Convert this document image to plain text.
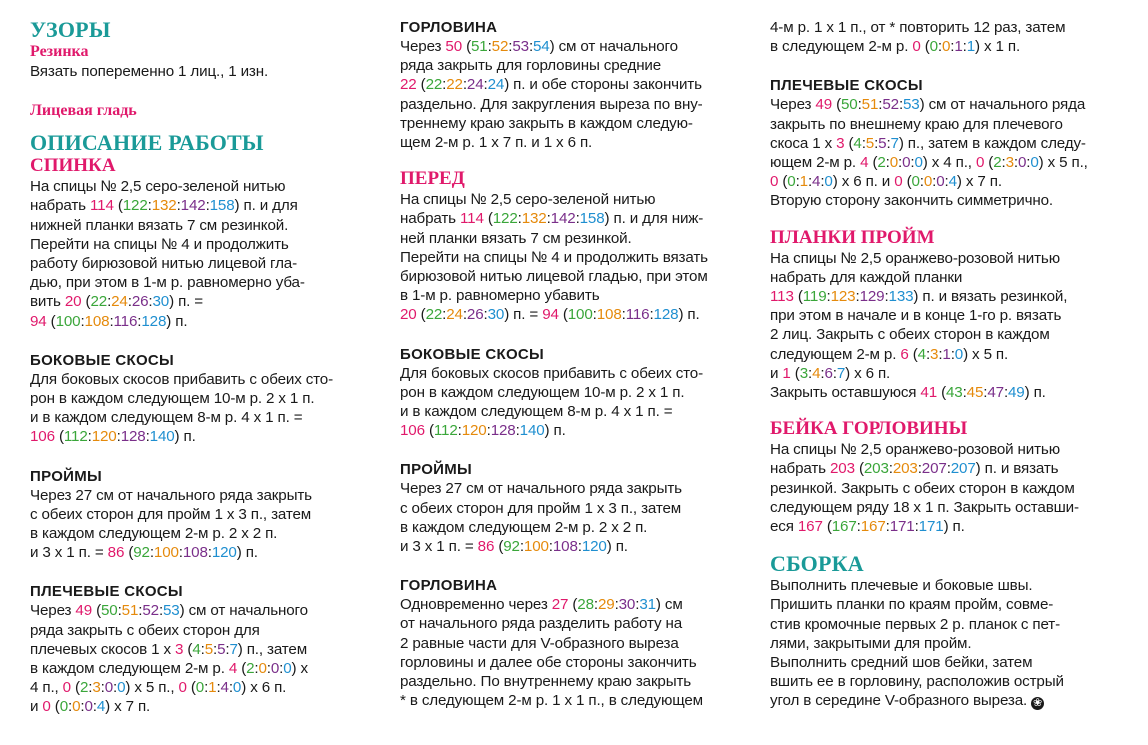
УЗОРЫ
Резинка

Вязать попеременно 1 лиц., 1 изн.

Лицевая гладь
ОПИСАНИЕ РАБОТЫ
СПИНКА

На спицы № 2,5 серо-зеленой нитью

набрать 114 (122:132:142:158) п. и для

нижней планки вязать 7 см резинкой.

Перейти на спицы № 4 и продолжить

работу бирюзовой нитью лицевой гла-

дью, при этом в 1-м р. равномерно уба-

вить 20 (22:24:26:30) п. =

94 (100:108:116:128) п.

БОКОВЫЕ СКОСЫ

Для боковых скосов прибавить с обеих сто-

рон в каждом следующем 10-м р. 2 х 1 п.

и в каждом следующем 8-м р. 4 х 1 п. =

106 (112:120:128:140) п.

ПРОЙМЫ

Через 27 см от начального ряда закрыть

с обеих сторон для пройм 1 х 3 п., затем

в каждом следующем 2-м р. 2 х 2 п.

и 3 х 1 п. = 86 (92:100:108:120) п.

ПЛЕЧЕВЫЕ СКОСЫ

Через 49 (50:51:52:53) см от начального

ряда закрыть с обеих сторон для

плечевых скосов 1 х 3 (4:5:5:7) п., затем

в каждом следующем 2-м р. 4 (2:0:0:0) х

4 п., 0 (2:3:0:0) х 5 п., 0 (0:1:4:0) х 6 п.

и 0 (0:0:0:4) х 7 п.

ГОРЛОВИНА

Через 50 (51:52:53:54) см от начального

ряда закрыть для горловины средние

22 (22:22:24:24) п. и обе стороны закончить

раздельно. Для закругления выреза по вну-

треннему краю закрыть в каждом следую-

щем 2-м р. 1 х 7 п. и 1 х 6 п.

ПЕРЕД

На спицы № 2,5 серо-зеленой нитью

набрать 114 (122:132:142:158) п. и для ниж-

ней планки вязать 7 см резинкой.

Перейти на спицы № 4 и продолжить вязать

бирюзовой нитью лицевой гладью, при этом

в 1-м р. равномерно убавить

20 (22:24:26:30) п. = 94 (100:108:116:128) п.

БОКОВЫЕ СКОСЫ

Для боковых скосов прибавить с обеих сто-

рон в каждом следующем 10-м р. 2 х 1 п.

и в каждом следующем 8-м р. 4 х 1 п. =

106 (112:120:128:140) п.

ПРОЙМЫ

Через 27 см от начального ряда закрыть

с обеих сторон для пройм 1 х 3 п., затем

в каждом следующем 2-м р. 2 х 2 п.

и 3 х 1 п. = 86 (92:100:108:120) п.

ГОРЛОВИНА

Одновременно через 27 (28:29:30:31) см

от начального ряда разделить работу на

2 равные части для V-образного выреза

горловины и далее обе стороны закончить

раздельно. По внутреннему краю закрыть

* в следующем 2-м р. 1 х 1 п., в следующем

4-м р. 1 х 1 п., от * повторить 12 раз, затем

в следующем 2-м р. 0 (0:0:1:1) х 1 п.

ПЛЕЧЕВЫЕ СКОСЫ

Через 49 (50:51:52:53) см от начального ряда

закрыть по внешнему краю для плечевого

скоса 1 х 3 (4:5:5:7) п., затем в каждом следу-

ющем 2-м р. 4 (2:0:0:0) х 4 п., 0 (2:3:0:0) х 5 п.,

0 (0:1:4:0) х 6 п. и 0 (0:0:0:4) х 7 п.

Вторую сторону закончить симметрично.

ПЛАНКИ ПРОЙМ

На спицы № 2,5 оранжево-розовой нитью

набрать для каждой планки

113 (119:123:129:133) п. и вязать резинкой,

при этом в начале и в конце 1-го р. вязать

2 лиц. Закрыть с обеих сторон в каждом

следующем 2-м р. 6 (4:3:1:0) х 5 п.

и 1 (3:4:6:7) х 6 п.

Закрыть оставшуюся 41 (43:45:47:49) п.

БЕЙКА ГОРЛОВИНЫ

На спицы № 2,5 оранжево-розовой нитью

набрать 203 (203:203:207:207) п. и вязать

резинкой. Закрыть с обеих сторон в каждом

следующем ряду 18 х 1 п. Закрыть оставши-

еся 167 (167:167:171:171) п.

СБОРКА

Выполнить плечевые и боковые швы.

Пришить планки по краям пройм, совме-

стив кромочные первых 2 р. планок с пет-

лями, закрытыми для пройм.

Выполнить средний шов бейки, затем

вшить ее в горловину, расположив острый

угол в середине V-образного выреза. ❀
